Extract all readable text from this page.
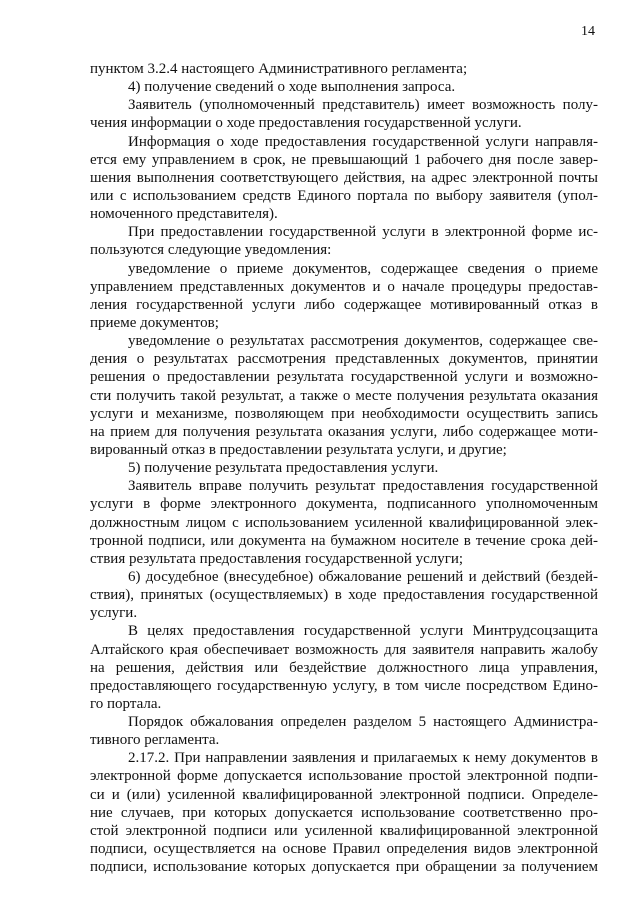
14
пунктом 3.2.4 настоящего Административного регламента;
4) получение сведений о ходе выполнения запроса.
Заявитель (уполномоченный представитель) имеет возможность полу-
чения информации о ходе предоставления государственной услуги.
Информация о ходе предоставления государственной услуги направля-
ется ему управлением в срок, не превышающий 1 рабочего дня после завер-
шения выполнения соответствующего действия, на адрес электронной почты
или с использованием средств Единого портала по выбору заявителя (упол-
номоченного представителя).
При предоставлении государственной услуги в электронной форме ис-
пользуются следующие уведомления:
уведомление о приеме документов, содержащее сведения о приеме
управлением представленных документов и о начале процедуры предостав-
ления государственной услуги либо содержащее мотивированный отказ в
приеме документов;
уведомление о результатах рассмотрения документов, содержащее све-
дения о результатах рассмотрения представленных документов, принятии
решения о предоставлении результата государственной услуги и возможно-
сти получить такой результат, а также о месте получения результата оказания
услуги и механизме, позволяющем при необходимости осуществить запись
на прием для получения результата оказания услуги, либо содержащее моти-
вированный отказ в предоставлении результата услуги, и другие;
5) получение результата предоставления услуги.
Заявитель вправе получить результат предоставления государственной
услуги в форме электронного документа, подписанного уполномоченным
должностным лицом с использованием усиленной квалифицированной элек-
тронной подписи, или документа на бумажном носителе в течение срока дей-
ствия результата предоставления государственной услуги;
6) досудебное (внесудебное) обжалование решений и действий (бездей-
ствия), принятых (осуществляемых) в ходе предоставления государственной
услуги.
В целях предоставления государственной услуги Минтрудсоцзащита
Алтайского края обеспечивает возможность для заявителя направить жалобу
на решения, действия или бездействие должностного лица управления,
предоставляющего государственную услугу, в том числе посредством Едино-
го портала.
Порядок обжалования определен разделом 5 настоящего Администра-
тивного регламента.
2.17.2. При направлении заявления и прилагаемых к нему документов в
электронной форме допускается использование простой электронной подпи-
си и (или) усиленной квалифицированной электронной подписи. Определе-
ние случаев, при которых допускается использование соответственно про-
стой электронной подписи или усиленной квалифицированной электронной
подписи, осуществляется на основе Правил определения видов электронной
подписи, использование которых допускается при обращении за получением
